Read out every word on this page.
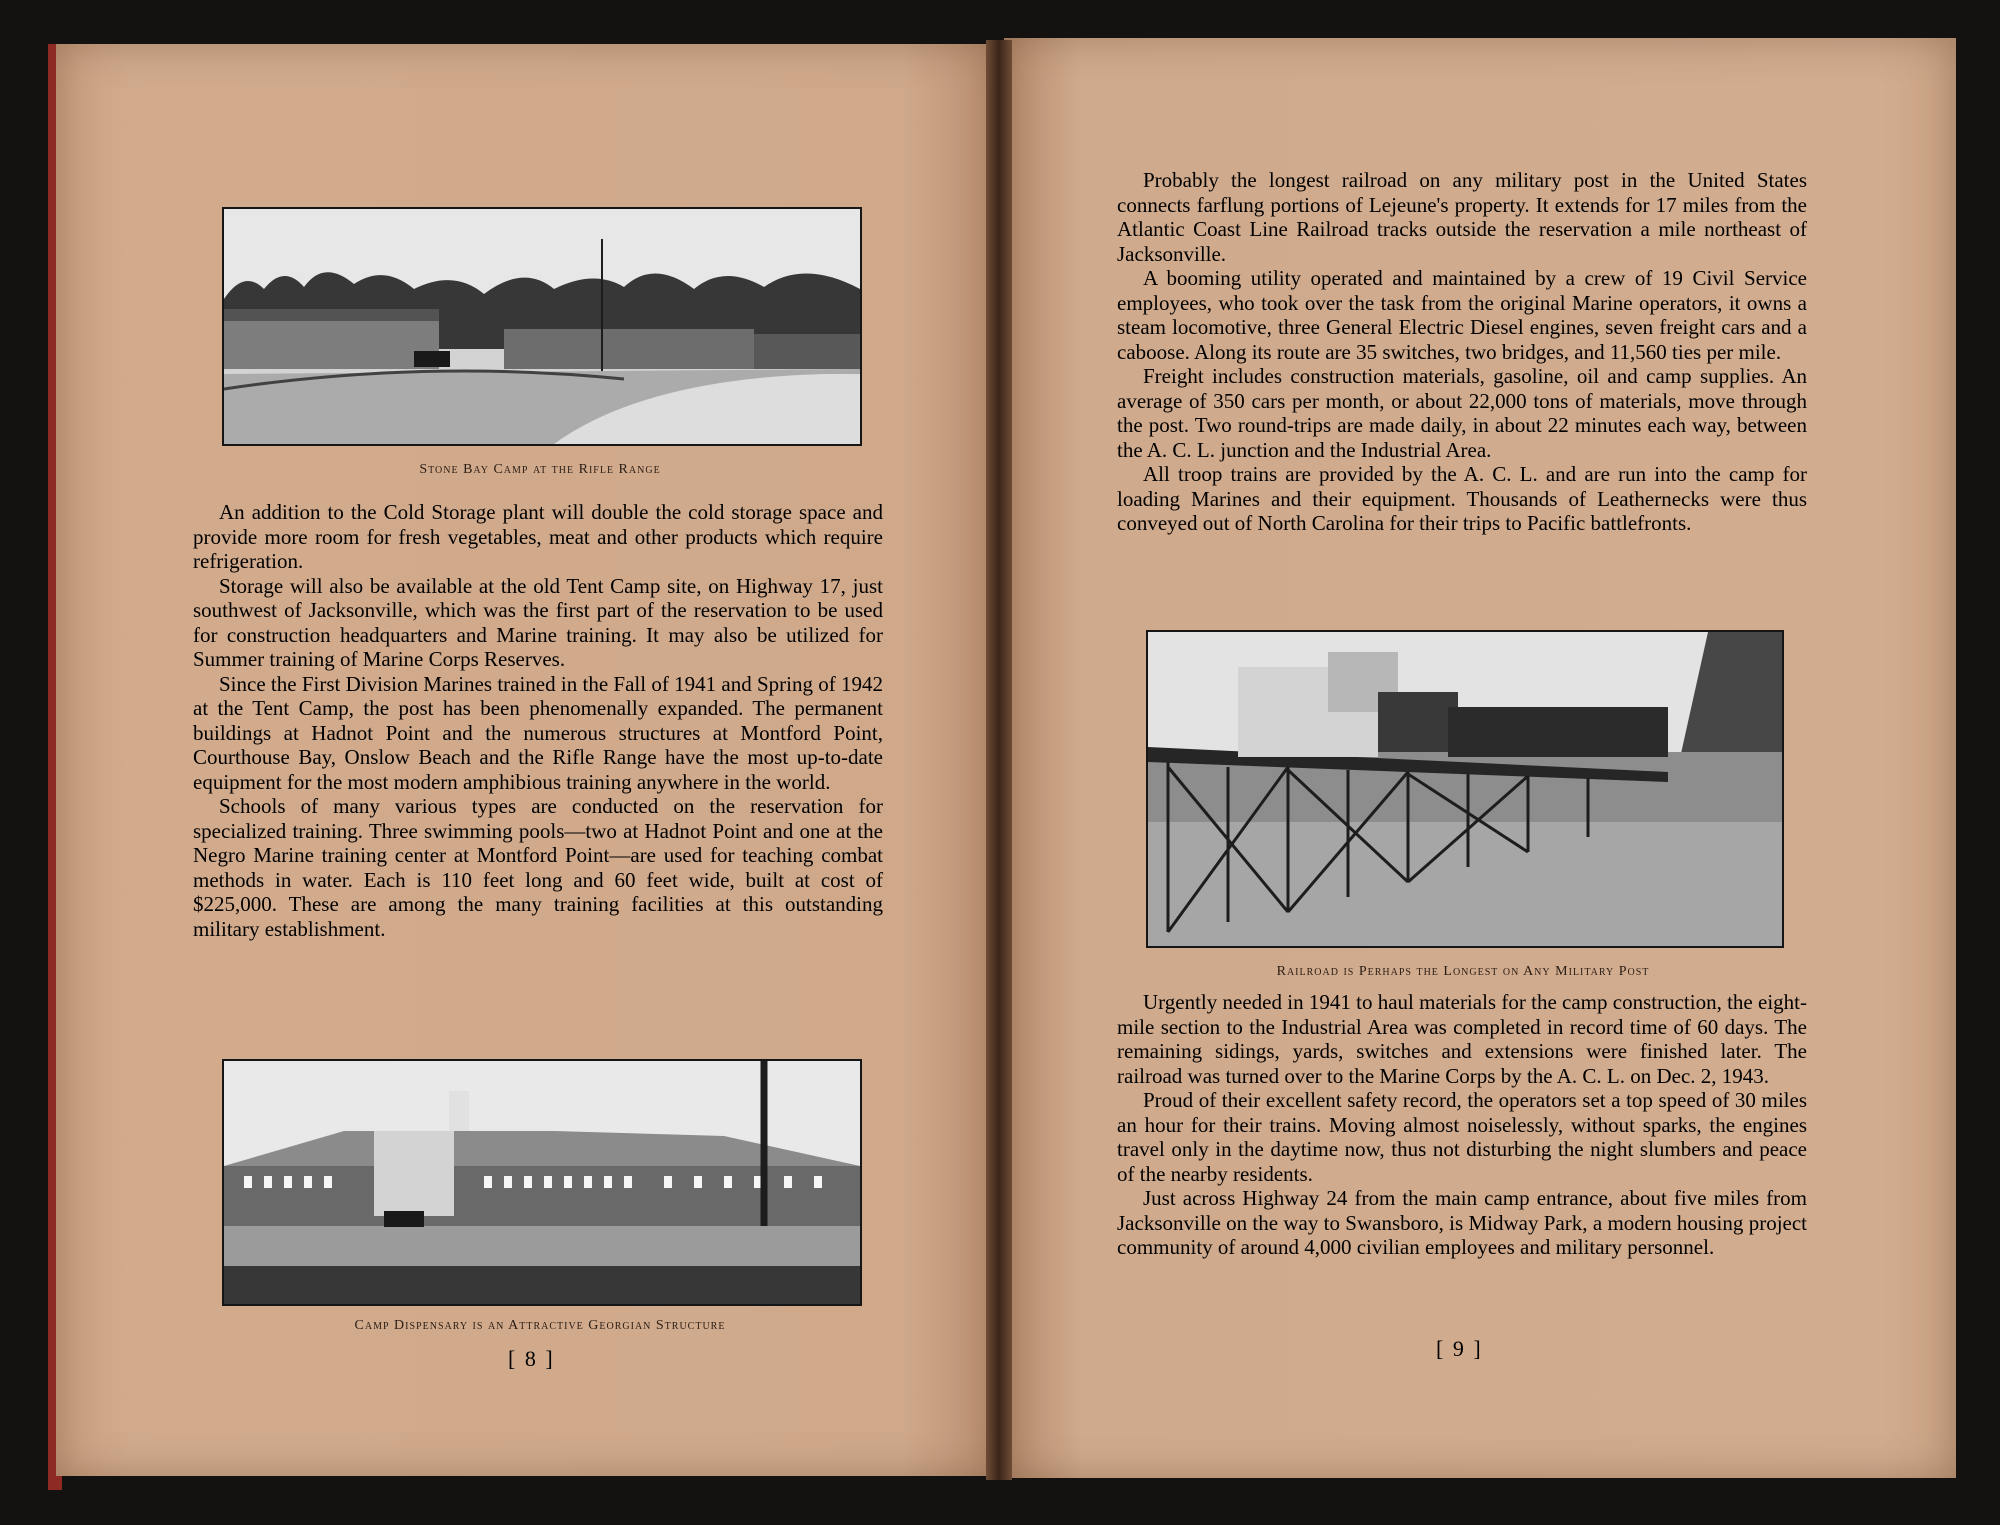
Stone Bay Camp at the Rifle Range

An addition to the Cold Storage plant will double the cold storage space and provide more room for fresh vegetables, meat and other products which require refrigeration.

Storage will also be available at the old Tent Camp site, on Highway 17, just southwest of Jacksonville, which was the first part of the reservation to be used for construction headquarters and Marine training. It may also be utilized for Summer training of Marine Corps Reserves.

Since the First Division Marines trained in the Fall of 1941 and Spring of 1942 at the Tent Camp, the post has been phenomenally expanded. The permanent buildings at Hadnot Point and the numerous structures at Montford Point, Courthouse Bay, Onslow Beach and the Rifle Range have the most up-to-date equipment for the most modern amphibious training anywhere in the world.

Schools of many various types are conducted on the reservation for specialized training. Three swimming pools—two at Hadnot Point and one at the Negro Marine training center at Montford Point—are used for teaching combat methods in water. Each is 110 feet long and 60 feet wide, built at cost of $225,000. These are among the many training facilities at this outstanding military establishment.

Camp Dispensary is an Attractive Georgian Structure
[ 8 ]

Probably the longest railroad on any military post in the United States connects farflung portions of Lejeune's property. It extends for 17 miles from the Atlantic Coast Line Railroad tracks outside the reservation a mile northeast of Jacksonville.

A booming utility operated and maintained by a crew of 19 Civil Service employees, who took over the task from the original Marine operators, it owns a steam locomotive, three General Electric Diesel engines, seven freight cars and a caboose. Along its route are 35 switches, two bridges, and 11,560 ties per mile.

Freight includes construction materials, gasoline, oil and camp supplies. An average of 350 cars per month, or about 22,000 tons of materials, move through the post. Two round-trips are made daily, in about 22 minutes each way, between the A. C. L. junction and the Industrial Area.

All troop trains are provided by the A. C. L. and are run into the camp for loading Marines and their equipment. Thousands of Leathernecks were thus conveyed out of North Carolina for their trips to Pacific battlefronts.

Railroad is Perhaps the Longest on Any Military Post

Urgently needed in 1941 to haul materials for the camp construction, the eight-mile section to the Industrial Area was completed in record time of 60 days. The remaining sidings, yards, switches and extensions were finished later. The railroad was turned over to the Marine Corps by the A. C. L. on Dec. 2, 1943.

Proud of their excellent safety record, the operators set a top speed of 30 miles an hour for their trains. Moving almost noiselessly, without sparks, the engines travel only in the daytime now, thus not disturbing the night slumbers and peace of the nearby residents.

Just across Highway 24 from the main camp entrance, about five miles from Jacksonville on the way to Swansboro, is Midway Park, a modern housing project community of around 4,000 civilian employees and military personnel.

[ 9 ]
